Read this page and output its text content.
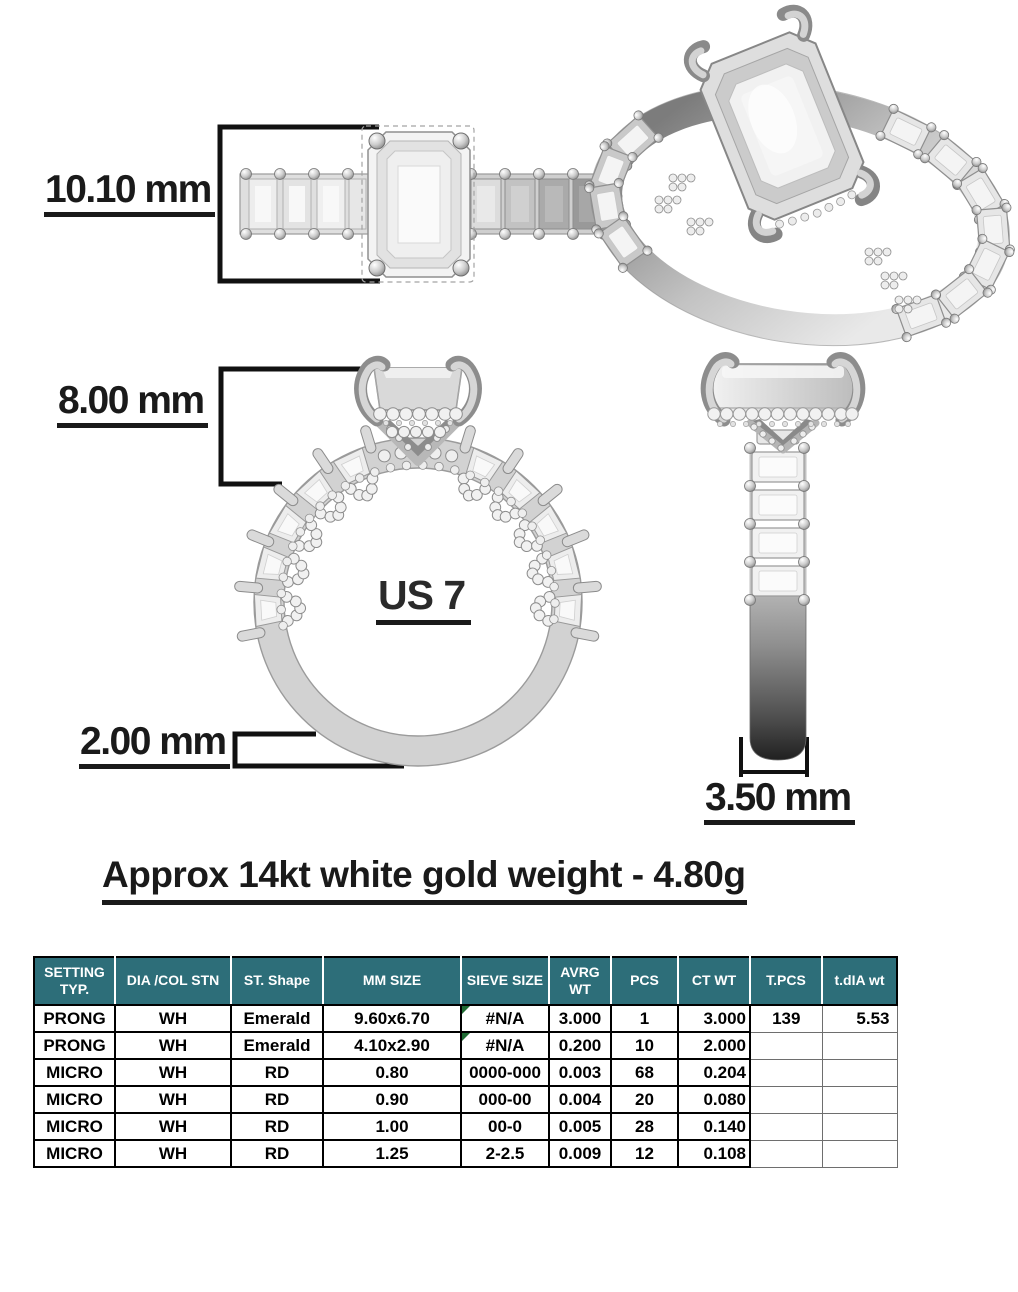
10.10 mm
8.00 mm
US 7
2.00 mm
3.50 mm
Approx 14kt white gold weight - 4.80g
SETTING TYP.	DIA /COL STN	ST. Shape	MM SIZE	SIEVE SIZE	AVRG WT	PCS	CT WT	T.PCS	t.dIA wt
PRONG	WH	Emerald	9.60x6.70	#N/A	3.000	1	3.000	139	5.53
PRONG	WH	Emerald	4.10x2.90	#N/A	0.200	10	2.000		
MICRO	WH	RD	0.80	0000-000	0.003	68	0.204		
MICRO	WH	RD	0.90	000-00	0.004	20	0.080		
MICRO	WH	RD	1.00	00-0	0.005	28	0.140		
MICRO	WH	RD	1.25	2-2.5	0.009	12	0.108		
